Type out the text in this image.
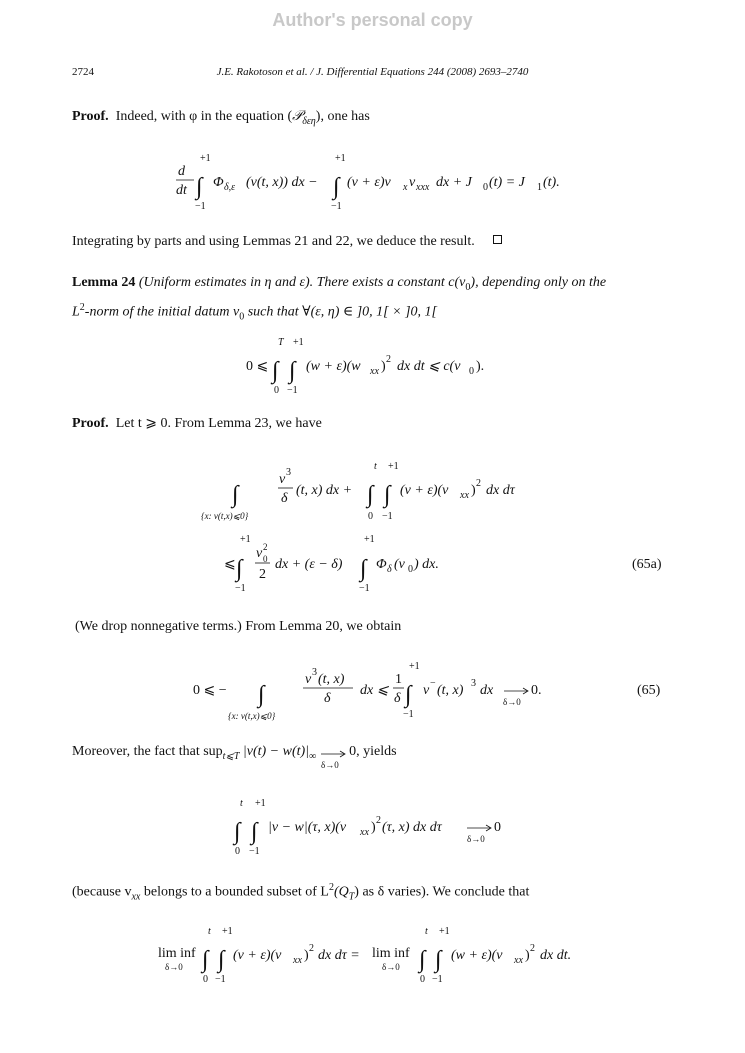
Author's personal copy
2724	J.E. Rakotoson et al. / J. Differential Equations 244 (2008) 2693–2740
Proof. Indeed, with φ in the equation (𝒫$_{\delta\varepsilon\eta}$), one has
d
dt
+1
∫
−1
Φ δ,ε (v(t, x)) dx −
+1
∫
−1
(v + ε)v x v xxx dx + J 0 (t) = J 1 (t).
Integrating by parts and using Lemmas 21 and 22, we deduce the result.
Lemma 24 (Uniform estimates in η and ε). There exists a constant $c(v_0)$, depending only on the
$L^2$-norm of the initial datum $v_0$ such that ∀(ε, η) ∈ ]0, 1[ × ]0, 1[
0 ⩽
T
∫
0
+1
∫
−1
(w + ε)(w xx ) 2 dx dt ⩽ c(v 0 ).
Proof. Let t ⩾ 0. From Lemma 23, we have
∫
{x: v(t,x)⩽0}
v 3
δ
(t, x) dx +
t
∫
0
+1
∫
−1
(v + ε)(v xx ) 2 dx dτ
⩽
+1
∫
−1
v 0
2
2
dx + (ε − δ)
+1
∫
−1
Φ δ (v 0 ) dx.	(65a)
(We drop nonnegative terms.) From Lemma 20, we obtain
0 ⩽ − ∫
{x: v(t,x)⩽0}
v 3 (t, x)
δ
dx ⩽
1
δ
+1
∫
−1
v − (t, x) 3 dx
δ→0
0.	(65)
Moreover, the fact that sup$_{t⩽T}$ $|v(t) - w(t)|_\infty$
δ→0
0, yields
t
∫
0
+1
∫
−1
|v − w|(τ, x)(v xx ) 2 (τ, x) dx dτ
δ→0
0
(because $v_{xx}$ belongs to a bounded subset of $L^2(Q_T)$ as δ varies). We conclude that
lim inf
δ→0
t
∫
0
+1
∫
−1
(v + ε)(v xx ) 2 dx dτ = lim inf
δ→0
t
∫
0
+1
∫
−1
(w + ε)(v xx ) 2 dx dt.
